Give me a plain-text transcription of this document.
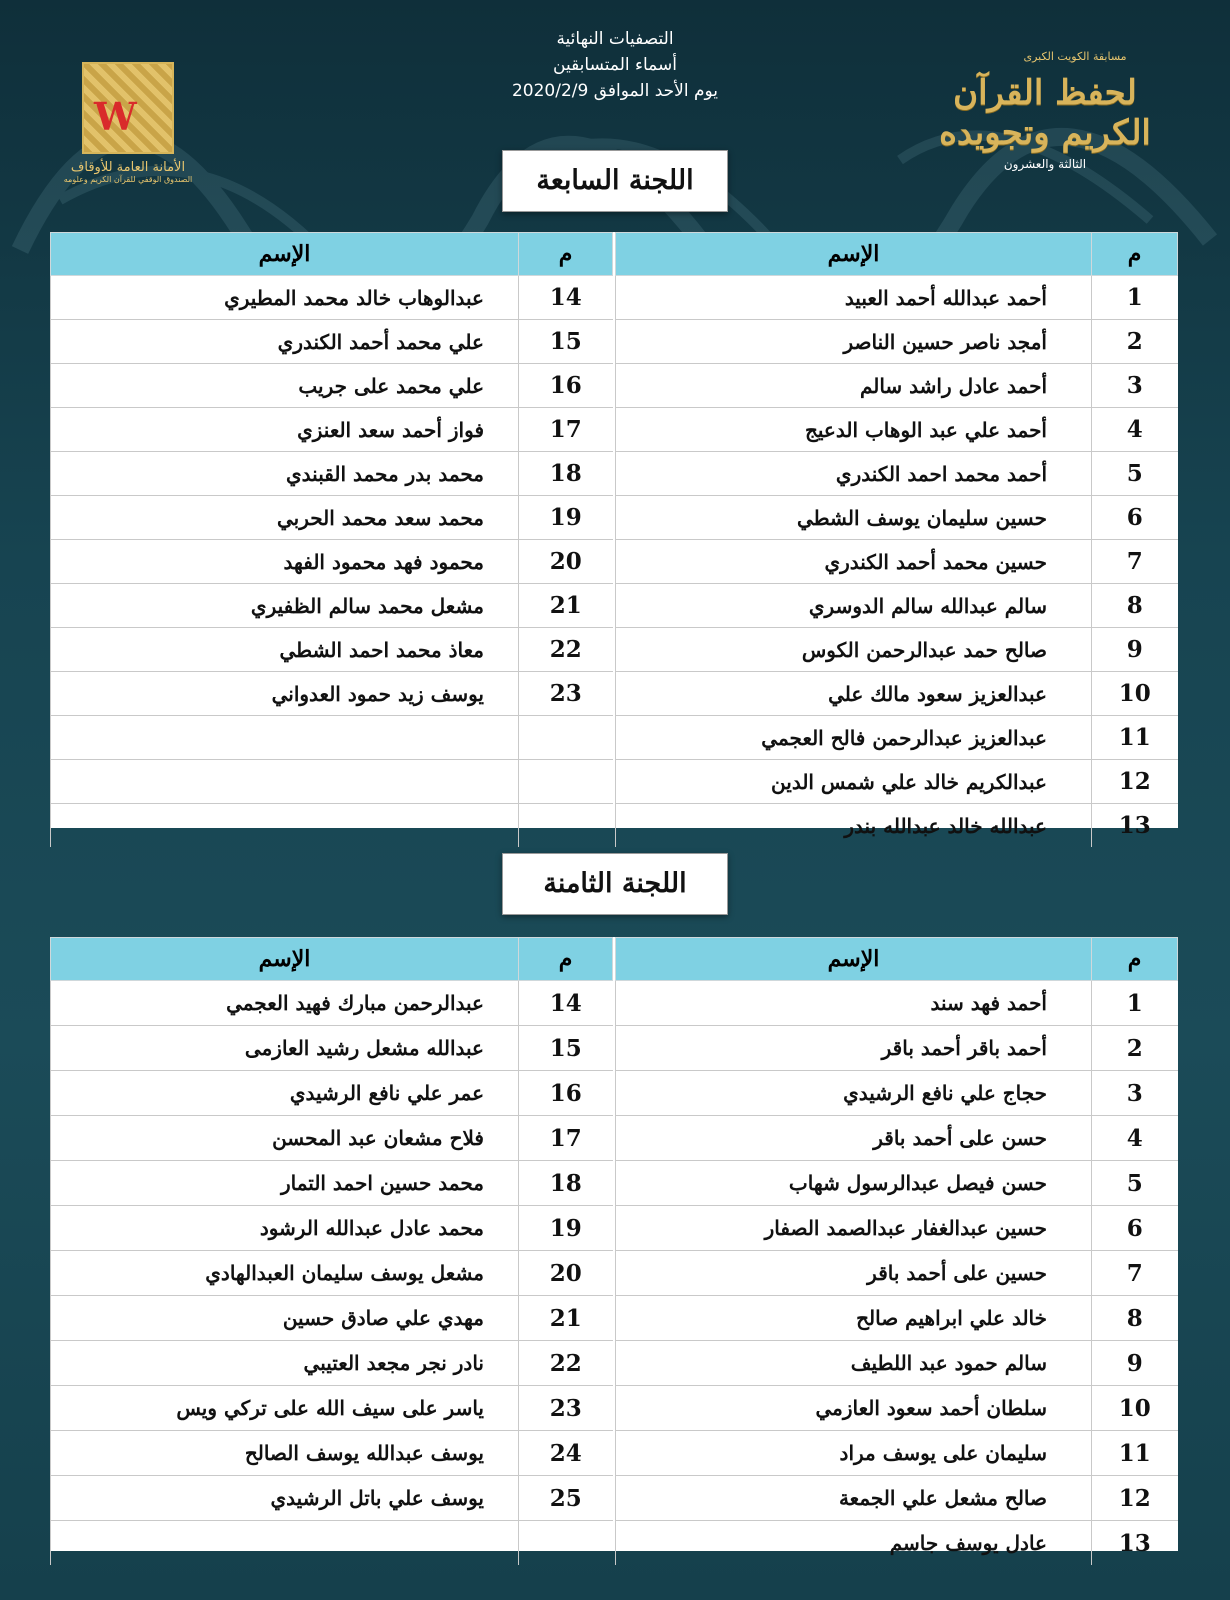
التصفيات النهائية
أسماء المتسابقين
يوم الأحد الموافق 2020/2/9
W
الأمانة العامة للأوقاف
الصندوق الوقفي للقرآن الكريم وعلومه
مسابقة الكويت الكبرى
لحفظ القرآن الكريم وتجويده
الثالثة والعشرون
اللجنة السابعة
م	الإسم
1	أحمد عبدالله أحمد العبيد
2	أمجد ناصر حسين الناصر
3	أحمد عادل راشد سالم
4	أحمد علي عبد الوهاب الدعيج
5	أحمد محمد احمد الكندري
6	حسين سليمان يوسف الشطي
7	حسين محمد أحمد الكندري
8	سالم عبدالله سالم الدوسري
9	صالح حمد عبدالرحمن الكوس
10	عبدالعزيز سعود مالك علي
11	عبدالعزيز عبدالرحمن فالح العجمي
12	عبدالكريم خالد علي شمس الدين
13	عبدالله خالد عبدالله بندر
م	الإسم
14	عبدالوهاب خالد محمد المطيري
15	علي محمد أحمد الكندري
16	علي محمد على جريب
17	فواز أحمد سعد العنزي
18	محمد بدر محمد القبندي
19	محمد سعد محمد الحربي
20	محمود فهد محمود الفهد
21	مشعل محمد سالم الظفيري
22	معاذ محمد احمد الشطي
23	يوسف زيد حمود العدواني

اللجنة الثامنة
م	الإسم
1	أحمد فهد سند
2	أحمد باقر أحمد باقر
3	حجاج علي نافع الرشيدي
4	حسن على أحمد باقر
5	حسن فيصل عبدالرسول شهاب
6	حسين عبدالغفار عبدالصمد الصفار
7	حسين على أحمد باقر
8	خالد علي ابراهيم صالح
9	سالم حمود عبد اللطيف
10	سلطان أحمد سعود العازمي
11	سليمان على يوسف مراد
12	صالح مشعل علي الجمعة
13	عادل يوسف جاسم
م	الإسم
14	عبدالرحمن مبارك فهيد العجمي
15	عبدالله مشعل رشيد العازمى
16	عمر علي نافع الرشيدي
17	فلاح مشعان عبد المحسن
18	محمد حسين احمد التمار
19	محمد عادل عبدالله الرشود
20	مشعل يوسف سليمان العبدالهادي
21	مهدي علي صادق حسين
22	نادر نجر مجعد العتيبي
23	ياسر على سيف الله على تركي ويس
24	يوسف عبدالله يوسف الصالح
25	يوسف علي باتل الرشيدي
